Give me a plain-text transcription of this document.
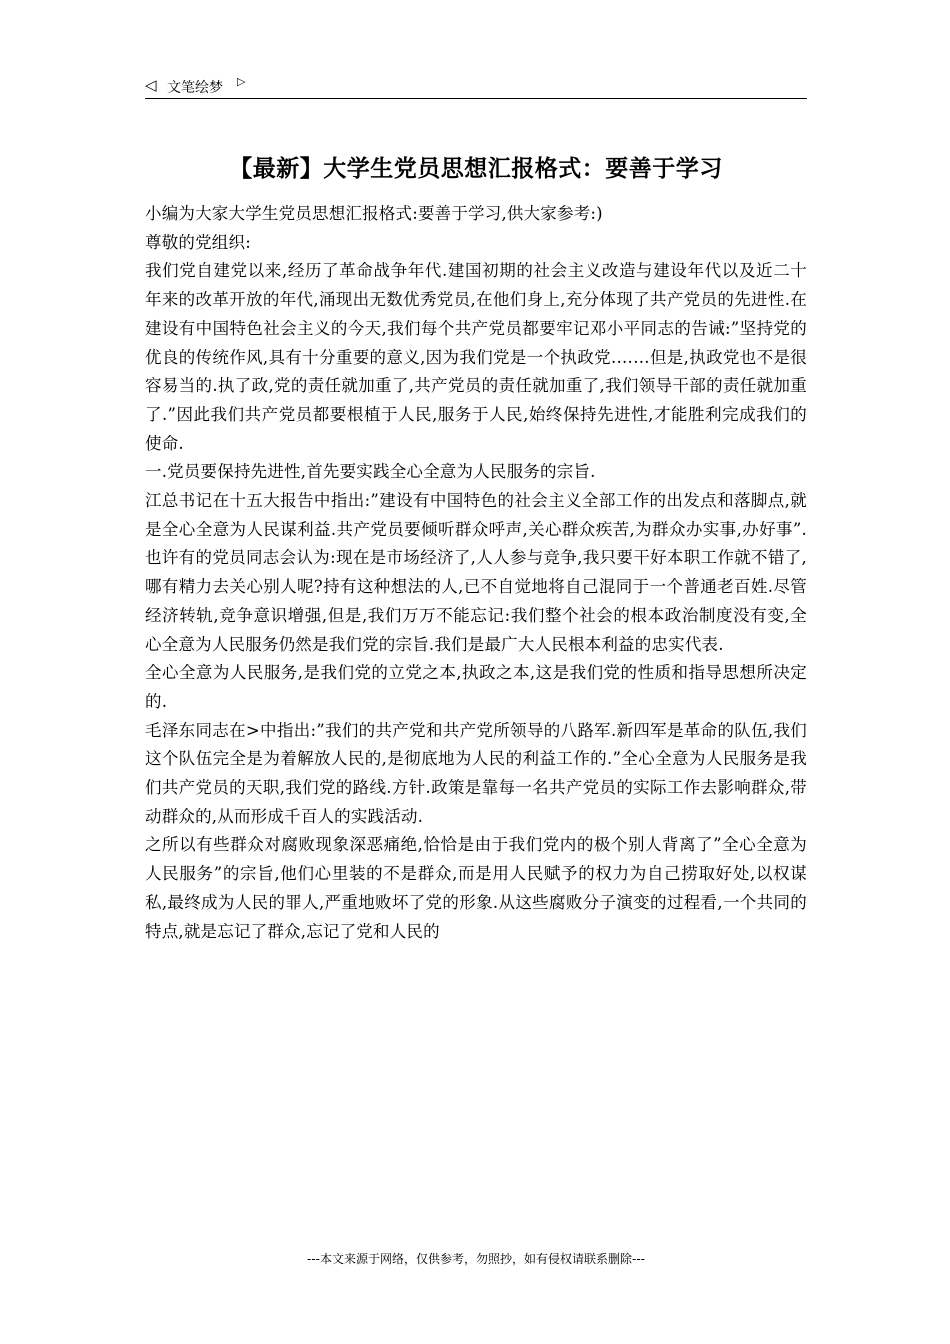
◁ 文笔绘梦 ▷
【最新】大学生党员思想汇报格式：要善于学习

小编为大家大学生党员思想汇报格式:要善于学习,供大家参考:)

尊敬的党组织:

我们党自建党以来,经历了革命战争年代.建国初期的社会主义改造与建设年代以及近二十年来的改革开放的年代,涌现出无数优秀党员,在他们身上,充分体现了共产党员的先进性.在建设有中国特色社会主义的今天,我们每个共产党员都要牢记邓小平同志的告诫:”坚持党的优良的传统作风,具有十分重要的意义,因为我们党是一个执政党.……但是,执政党也不是很容易当的.执了政,党的责任就加重了,共产党员的责任就加重了,我们领导干部的责任就加重了.”因此我们共产党员都要根植于人民,服务于人民,始终保持先进性,才能胜利完成我们的使命.

一.党员要保持先进性,首先要实践全心全意为人民服务的宗旨.

江总书记在十五大报告中指出:”建设有中国特色的社会主义全部工作的出发点和落脚点,就是全心全意为人民谋利益.共产党员要倾听群众呼声,关心群众疾苦,为群众办实事,办好事”.也许有的党员同志会认为:现在是市场经济了,人人参与竞争,我只要干好本职工作就不错了,哪有精力去关心别人呢?持有这种想法的人,已不自觉地将自己混同于一个普通老百姓.尽管经济转轨,竞争意识增强,但是,我们万万不能忘记:我们整个社会的根本政治制度没有变,全心全意为人民服务仍然是我们党的宗旨.我们是最广大人民根本利益的忠实代表.

全心全意为人民服务,是我们党的立党之本,执政之本,这是我们党的性质和指导思想所决定的.

毛泽东同志在>中指出:”我们的共产党和共产党所领导的八路军.新四军是革命的队伍,我们这个队伍完全是为着解放人民的,是彻底地为人民的利益工作的.”全心全意为人民服务是我们共产党员的天职,我们党的路线.方针.政策是靠每一名共产党员的实际工作去影响群众,带动群众的,从而形成千百人的实践活动.

之所以有些群众对腐败现象深恶痛绝,恰恰是由于我们党内的极个别人背离了”全心全意为人民服务”的宗旨,他们心里装的不是群众,而是用人民赋予的权力为自己捞取好处,以权谋私,最终成为人民的罪人,严重地败坏了党的形象.从这些腐败分子演变的过程看,一个共同的特点,就是忘记了群众,忘记了党和人民的

---本文来源于网络，仅供参考，勿照抄，如有侵权请联系删除---
